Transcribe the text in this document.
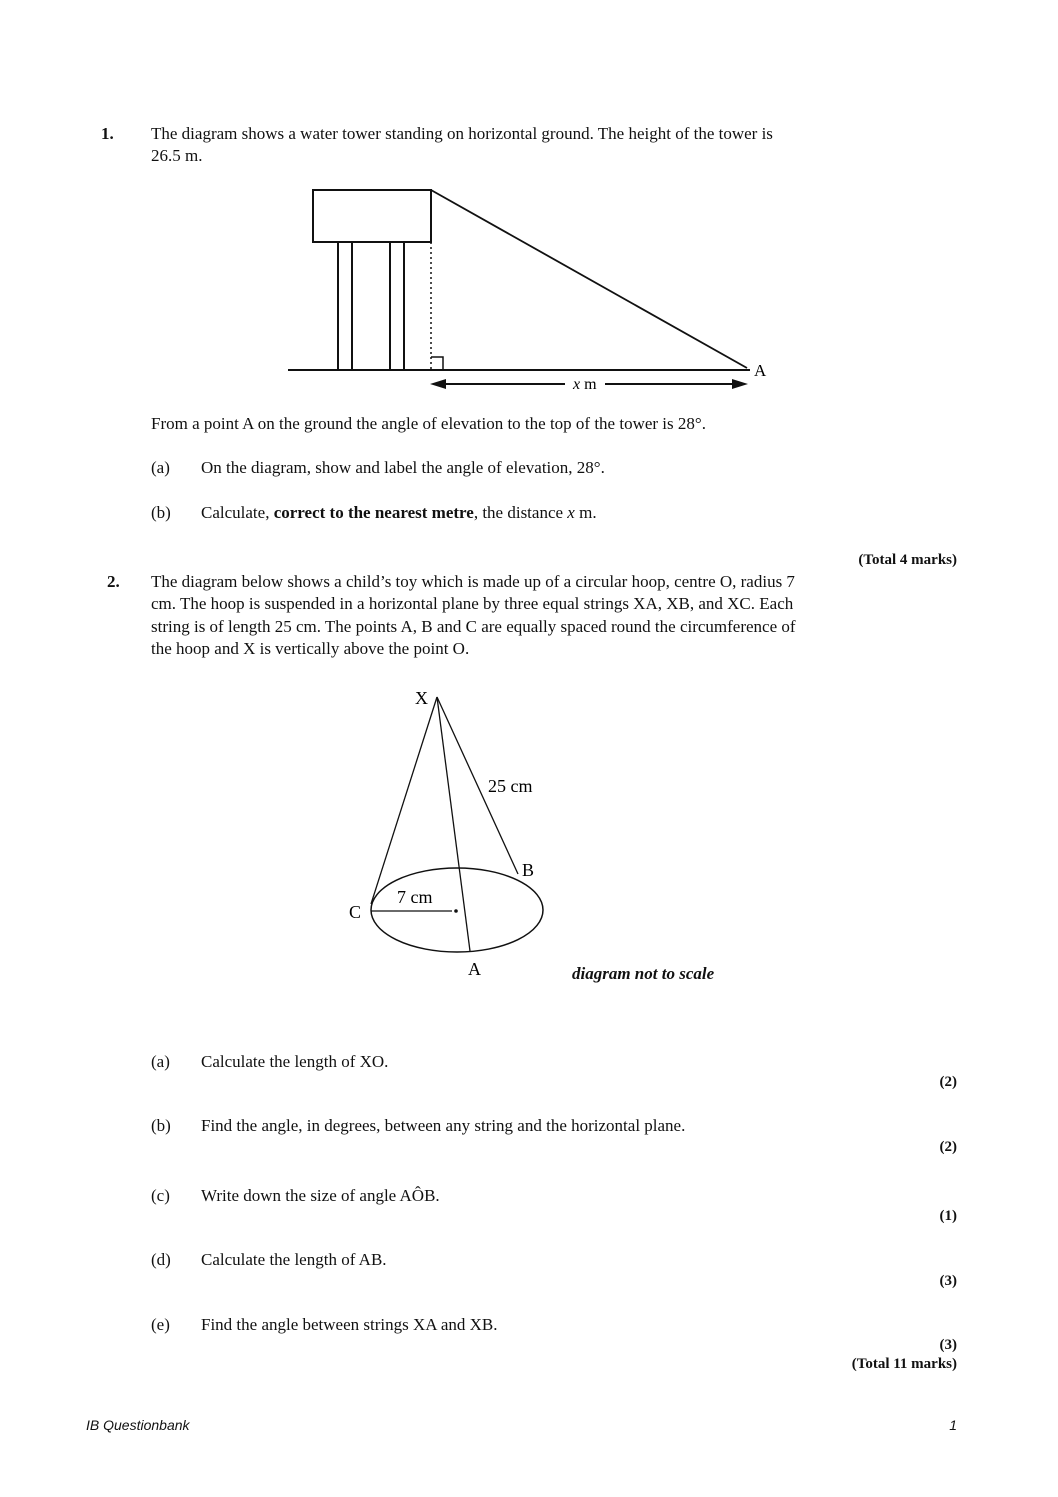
1. The diagram shows a water tower standing on horizontal ground. The height of the tower is
26.5 m.
A
x m
From a point A on the ground the angle of elevation to the top of the tower is 28°.
(a) On the diagram, show and label the angle of elevation, 28°.
(b) Calculate, correct to the nearest metre, the distance x m.
(Total 4 marks)
2. The diagram below shows a child’s toy which is made up of a circular hoop, centre O, radius 7
cm. The hoop is suspended in a horizontal plane by three equal strings XA, XB, and XC. Each
string is of length 25 cm. The points A, B and C are equally spaced round the circumference of
the hoop and X is vertically above the point O.
X
25 cm
B
7 cm
C
A	diagram not to scale
(a) Calculate the length of XO.
(2)
(b) Find the angle, in degrees, between any string and the horizontal plane.
(2)
(c) Write down the size of angle AÔB.
(1)
(d) Calculate the length of AB.
(3)
(e) Find the angle between strings XA and XB.
(3)
(Total 11 marks)
IB Questionbank	1
